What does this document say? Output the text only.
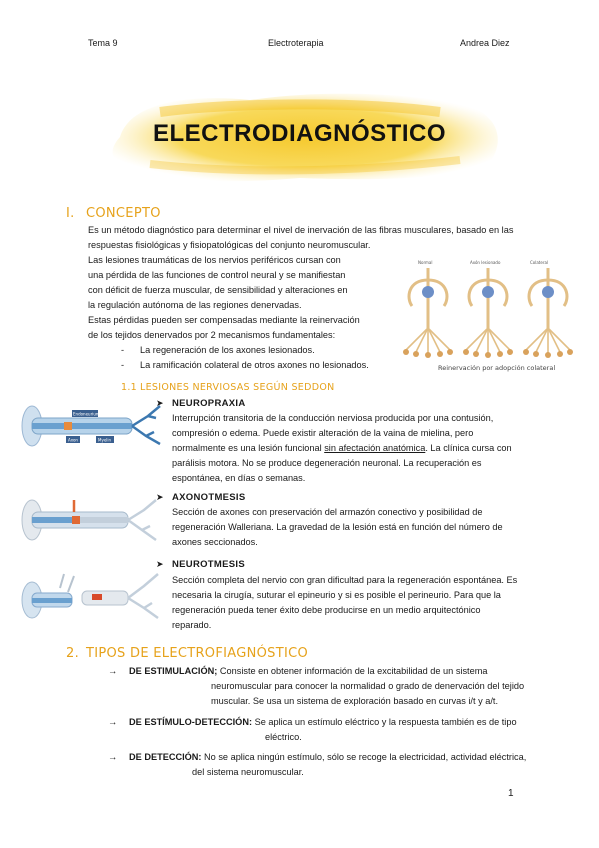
Tema 9	Electroterapia	Andrea Diez
ELECTRODIAGNÓSTICO
I. CONCEPTO

Es un método diagnóstico para determinar el nivel de inervación de las fibras musculares, basado en las

respuestas fisiológicas y fisiopatológicas del conjunto neuromuscular.

Las lesiones traumáticas de los nervios periféricos cursan con

una pérdida de las funciones de control neural y se manifiestan

con déficit de fuerza muscular, de sensibilidad y alteraciones en

la regulación autónoma de las regiones denervadas.

Estas pérdidas pueden ser compensadas mediante la reinervación

de los tejidos denervados por 2 mecanismos fundamentales:

- La regeneración de los axones lesionados.
- La ramificación colateral de otros axones no lesionados.
Normal	Axón lesionado	Colateral
Reinervación por adopción colateral
1.1 LESIONES NERVIOSAS SEGÚN SEDDON
Endoneurium
Axon	Myelin
➤ NEUROPRAXIA

Interrupción transitoria de la conducción nerviosa producida por una contusión,

compresión o edema. Puede existir alteración de la vaina de mielina, pero

normalmente es una lesión funcional sin afectación anatómica. La clínica cursa con

parálisis motora. No se produce degeneración neuronal. La recuperación es

espontánea, en días o semanas.

➤ AXONOTMESIS

Sección de axones con preservación del armazón conectivo y posibilidad de

regeneración Walleriana. La gravedad de la lesión está en función del número de

axones seccionados.

➤ NEUROTMESIS

Sección completa del nervio con gran dificultad para la regeneración espontánea. Es

necesaria la cirugía, suturar el epineurio y si es posible el perineurio. Para que la

regeneración pueda tener éxito debe producirse en un medio arquitectónico

reparado.

2. TIPOS DE ELECTROFIAGNÓSTICO
→ DE ESTIMULACIÓN; Consiste en obtener información de la excitabilidad de un sistema

neuromuscular para conocer la normalidad o grado de denervación del tejido

muscular. Se usa un sistema de exploración basado en curvas i/t y a/t.

→ DE ESTÍMULO-DETECCIÓN: Se aplica un estímulo eléctrico y la respuesta también es de tipo

eléctrico.

→ DE DETECCIÓN: No se aplica ningún estímulo, sólo se recoge la electricidad, actividad eléctrica,

del sistema neuromuscular.

1
